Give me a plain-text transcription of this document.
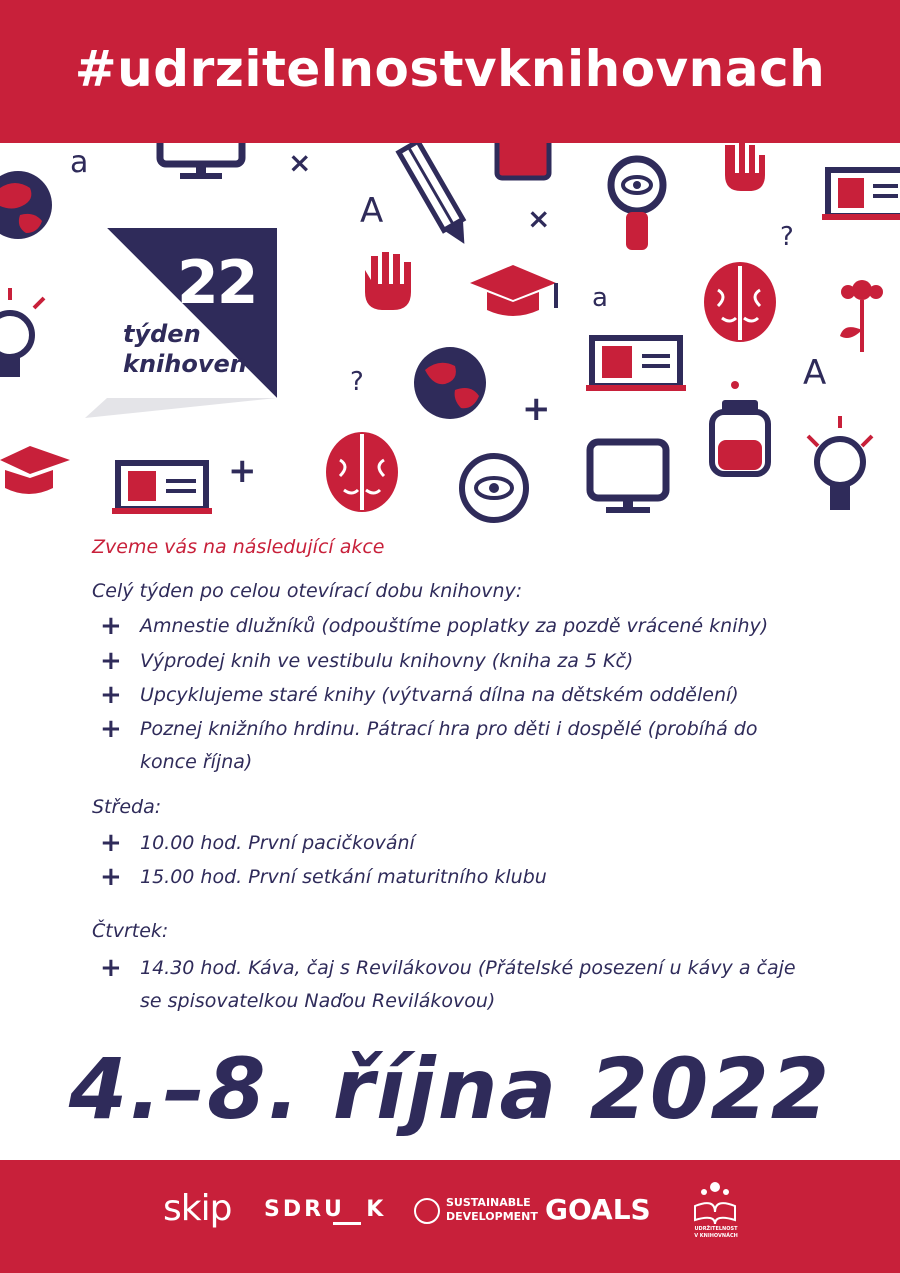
#udrzitelnostvknihovnach
a	×
A	×
?
a
A
?
+
+
22
týden
knihoven
Zveme vás na následující akce
Celý týden po celou otevírací dobu knihovny:
+ Amnestie dlužníků (odpouštíme poplatky za pozdě vrácené knihy)
+ Výprodej knih ve vestibulu knihovny (kniha za 5 Kč)
+ Upcyklujeme staré knihy (výtvarná dílna na dětském oddělení)
+ Poznej knižního hrdinu. Pátrací hra pro děti i dospělé (probíhá do konce října)
Středa:
+ 10.00 hod. První pacičkování
+ 15.00 hod. První setkání maturitního klubu
Čtvrtek:
+ 14.30 hod. Káva, čaj s Revilákovou (Přátelské posezení u kávy a čaje se spisovatelkou Naďou Revilákovou)
4.–8. října 2022
skip SDRU  K	SUSTAINABLE
DEVELOPMENT GOALS
UDRŽITELNOST
V KNIHOVNÁCH
